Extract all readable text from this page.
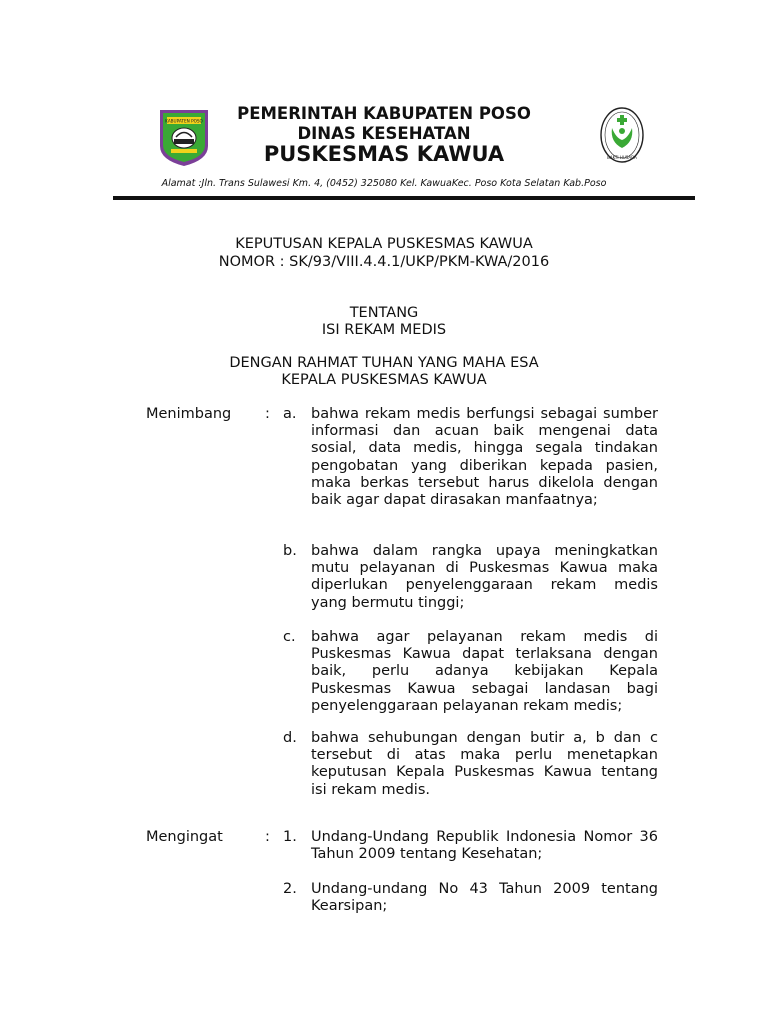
KABUPATEN POSO	PEMERINTAH KABUPATEN POSO
DINAS KESEHATAN
PUSKESMAS KAWUA	BAKTI HUSADA
Alamat :Jln. Trans Sulawesi Km. 4, (0452) 325080 Kel. KawuaKec. Poso Kota Selatan Kab.Poso
KEPUTUSAN KEPALA PUSKESMAS KAWUA
NOMOR : SK/93/VIII.4.4.1/UKP/PKM-KWA/2016
TENTANG
ISI REKAM MEDIS
DENGAN RAHMAT TUHAN YANG MAHA ESA
KEPALA PUSKESMAS KAWUA
Menimbang : a. bahwa rekam medis berfungsi sebagai sumber informasi dan acuan baik mengenai data sosial, data medis, hingga segala tindakan pengobatan yang diberikan kepada pasien, maka berkas tersebut harus dikelola dengan baik agar dapat dirasakan manfaatnya;
b. bahwa dalam rangka upaya meningkatkan mutu pelayanan di Puskesmas Kawua maka diperlukan penyelenggaraan rekam medis yang bermutu tinggi;
c. bahwa agar pelayanan rekam medis di Puskesmas Kawua dapat terlaksana dengan baik, perlu adanya kebijakan Kepala Puskesmas Kawua sebagai landasan bagi penyelenggaraan pelayanan rekam medis;
d. bahwa sehubungan dengan butir a, b dan c tersebut di atas maka perlu menetapkan keputusan Kepala Puskesmas Kawua tentang isi rekam medis.
Mengingat	: 1. Undang-Undang Republik Indonesia Nomor 36 Tahun 2009 tentang Kesehatan;
2. Undang-undang No 43 Tahun 2009 tentang Kearsipan;
